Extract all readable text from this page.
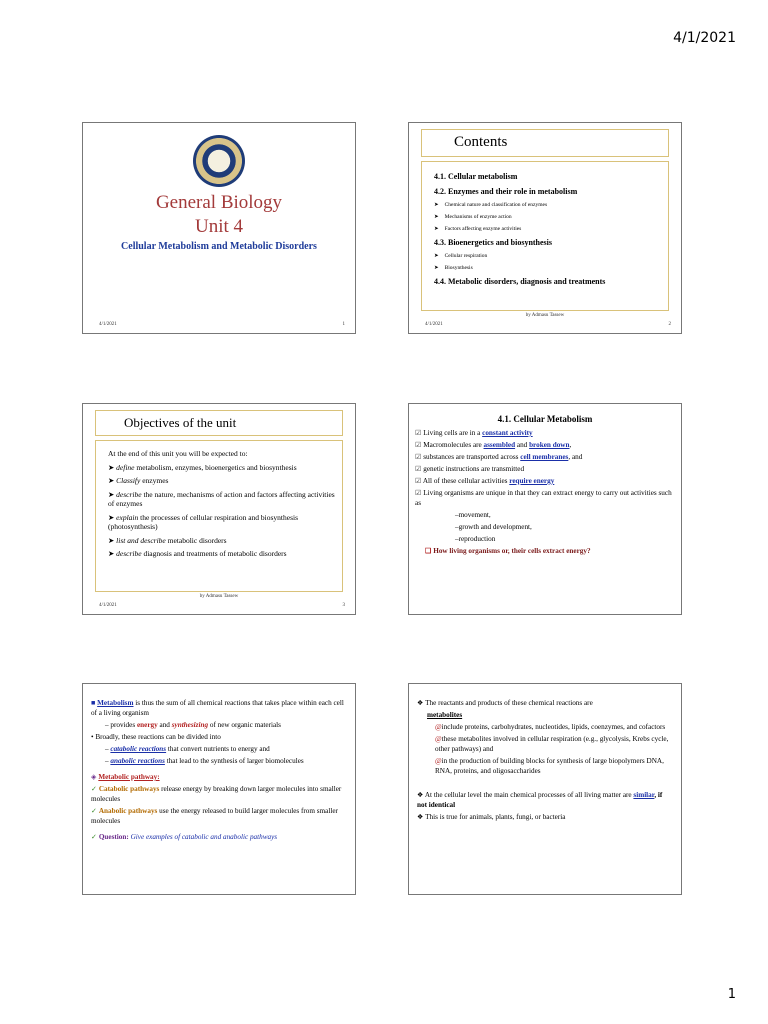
4/1/2021
General Biology
Unit 4
Cellular Metabolism and Metabolic Disorders
4/1/2021	1
Contents
4.1. Cellular metabolism
4.2. Enzymes and their role in metabolism
➤ Chemical nature and classification of enzymes
➤ Mechanisms of enzyme action
➤ Factors affecting enzyme activities
4.3. Bioenergetics and biosynthesis
➤ Cellular respiration
➤ Biosynthesis
4.4. Metabolic disorders, diagnosis and treatments
by Admasu Tassew
4/1/2021	2
Objectives of the unit

At the end of this unit you will be expected to:

➤ define metabolism, enzymes, bioenergetics and biosynthesis

➤ Classify enzymes

➤ describe the nature, mechanisms of action and factors affecting activities of enzymes

➤ explain the processes of cellular respiration and biosynthesis (photosynthesis)

➤ list and describe metabolic disorders

➤ describe diagnosis and treatments of metabolic disorders

by Admasu Tassew
4/1/2021	3
4.1. Cellular Metabolism

☑ Living cells are in a constant activity

☑ Macromolecules are assembled and broken down,

☑ substances are transported across cell membranes, and

☑ genetic instructions are transmitted

☑ All of these cellular activities require energy

☑ Living organisms are unique in that they can extract energy to carry out activities such as

–movement,

–growth and development,

–reproduction

❑ How living organisms or, their cells extract energy?

■ Metabolism is thus the sum of all chemical reactions that takes place within each cell of a living organism

– provides energy and synthesizing of new organic materials

• Broadly, these reactions can be divided into

– catabolic reactions that convert nutrients to energy and

– anabolic reactions that lead to the synthesis of larger biomolecules

◈ Metabolic pathway:

✓ Catabolic pathways release energy by breaking down larger molecules into smaller molecules

✓ Anabolic pathways use the energy released to build larger molecules from smaller molecules

✓ Question: Give examples of catabolic and anabolic pathways

❖ The reactants and products of these chemical reactions are

metabolites

@ include proteins, carbohydrates, nucleotides, lipids, coenzymes, and cofactors

@ these metabolites involved in cellular respiration (e.g., glycolysis, Krebs cycle, other pathways) and

@ in the production of building blocks for synthesis of large biopolymers DNA, RNA, proteins, and oligosaccharides

❖ At the cellular level the main chemical processes of all living matter are similar, if not identical

❖ This is true for animals, plants, fungi, or bacteria

1
